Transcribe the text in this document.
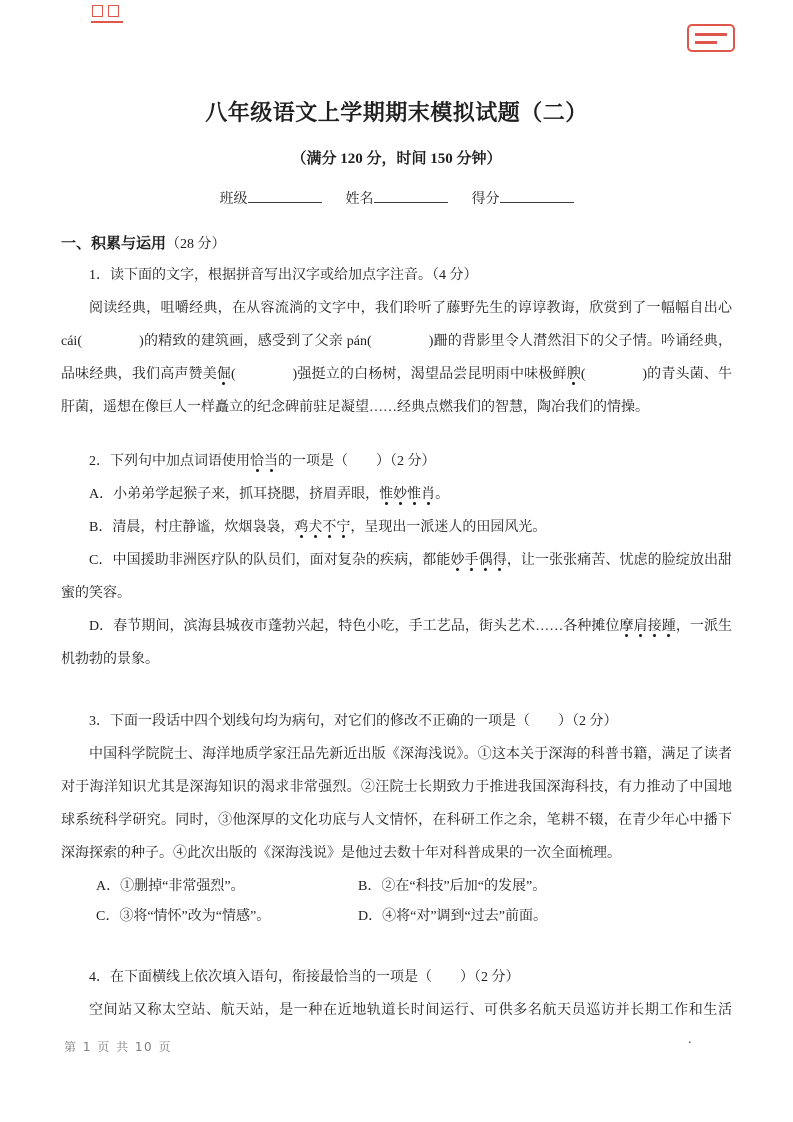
八年级语文上学期期末模拟试题（二）
（满分 120 分，时间 150 分钟）
班级	姓名	得分
一、积累与运用（28 分）

1．读下面的文字，根据拼音写出汉字或给加点字注音。（4 分）

阅读经典，咀嚼经典，在从容流淌的文字中，我们聆听了藤野先生的谆谆教诲，欣赏到了一幅幅自出心 cái(　　　　)的精致的建筑画，感受到了父亲 pán(　　　　)跚的背影里令人潸然泪下的父子情。吟诵经典，品味经典，我们高声赞美倔(　　　　)强挺立的白杨树，渴望品尝昆明雨中味极鲜腴(　　　　)的青头菌、牛肝菌，遥想在像巨人一样矗立的纪念碑前驻足凝望……经典点燃我们的智慧，陶冶我们的情操。

2．下列句中加点词语使用恰当的一项是（　　）（2 分）

A．小弟弟学起猴子来，抓耳挠腮，挤眉弄眼，惟妙惟肖。

B．清晨，村庄静谧，炊烟袅袅，鸡犬不宁，呈现出一派迷人的田园风光。

C．中国援助非洲医疗队的队员们，面对复杂的疾病，都能妙手偶得，让一张张痛苦、忧虑的脸绽放出甜蜜的笑容。

D．春节期间，滨海县城夜市蓬勃兴起，特色小吃，手工艺品，街头艺术……各种摊位摩肩接踵，一派生机勃勃的景象。

3．下面一段话中四个划线句均为病句，对它们的修改不正确的一项是（　　）（2 分）

中国科学院院士、海洋地质学家汪品先新近出版《深海浅说》。①这本关于深海的科普书籍，满足了读者对于海洋知识尤其是深海知识的渴求非常强烈。②汪院士长期致力于推进我国深海科技，有力推动了中国地球系统科学研究。同时，③他深厚的文化功底与人文情怀，在科研工作之余，笔耕不辍，在青少年心中播下深海探索的种子。④此次出版的《深海浅说》是他过去数十年对科普成果的一次全面梳理。

A．①删掉“非常强烈”。	B．②在“科技”后加“的发展”。
C．③将“情怀”改为“情感”。	D．④将“对”调到“过去”前面。

4．在下面横线上依次填入语句，衔接最恰当的一项是（　　）（2 分）

空间站又称太空站、航天站，是一种在近地轨道长时间运行、可供多名航天员巡访并长期工作和生活

第 1 页 共 10 页	.
